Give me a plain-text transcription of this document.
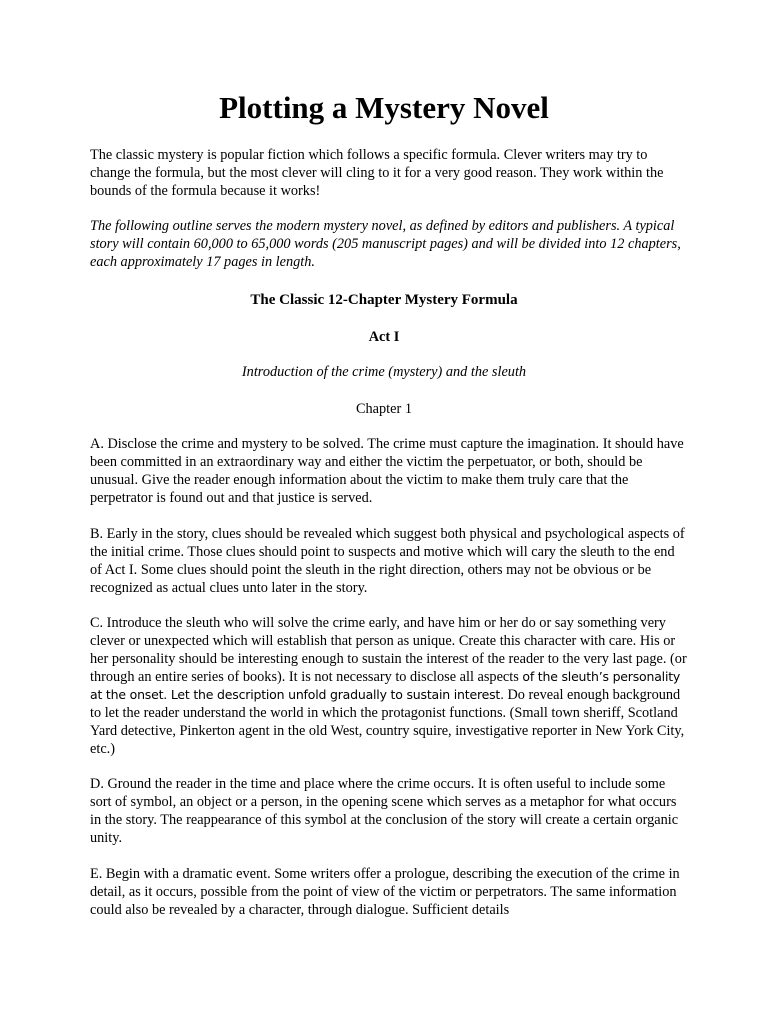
Plotting a Mystery Novel

The classic mystery is popular fiction which follows a specific formula. Clever writers may try to change the formula, but the most clever will cling to it for a very good reason. They work within the bounds of the formula because it works!

The following outline serves the modern mystery novel, as defined by editors and publishers. A typical story will contain 60,000 to 65,000 words (205 manuscript pages) and will be divided into 12 chapters, each approximately 17 pages in length.

The Classic 12-Chapter Mystery Formula

Act I

Introduction of the crime (mystery) and the sleuth

Chapter 1

A. Disclose the crime and mystery to be solved. The crime must capture the imagination. It should have been committed in an extraordinary way and either the victim the perpetuator, or both, should be unusual. Give the reader enough information about the victim to make them truly care that the perpetrator is found out and that justice is served.

B. Early in the story, clues should be revealed which suggest both physical and psychological aspects of the initial crime. Those clues should point to suspects and motive which will cary the sleuth to the end of Act I. Some clues should point the sleuth in the right direction, others may not be obvious or be recognized as actual clues unto later in the story.

C. Introduce the sleuth who will solve the crime early, and have him or her do or say something very clever or unexpected which will establish that person as unique. Create this character with care. His or her personality should be interesting enough to sustain the interest of the reader to the very last page. (or through an entire series of books). It is not necessary to disclose all aspects of the sleuth’s personality at the onset. Let the description unfold gradually to sustain interest. Do reveal enough background to let the reader understand the world in which the protagonist functions. (Small town sheriff, Scotland Yard detective, Pinkerton agent in the old West, country squire, investigative reporter in New York City, etc.)

D. Ground the reader in the time and place where the crime occurs. It is often useful to include some sort of symbol, an object or a person, in the opening scene which serves as a metaphor for what occurs in the story. The reappearance of this symbol at the conclusion of the story will create a certain organic unity.

E. Begin with a dramatic event. Some writers offer a prologue, describing the execution of the crime in detail, as it occurs, possible from the point of view of the victim or perpetrators. The same information could also be revealed by a character, through dialogue. Sufficient details
